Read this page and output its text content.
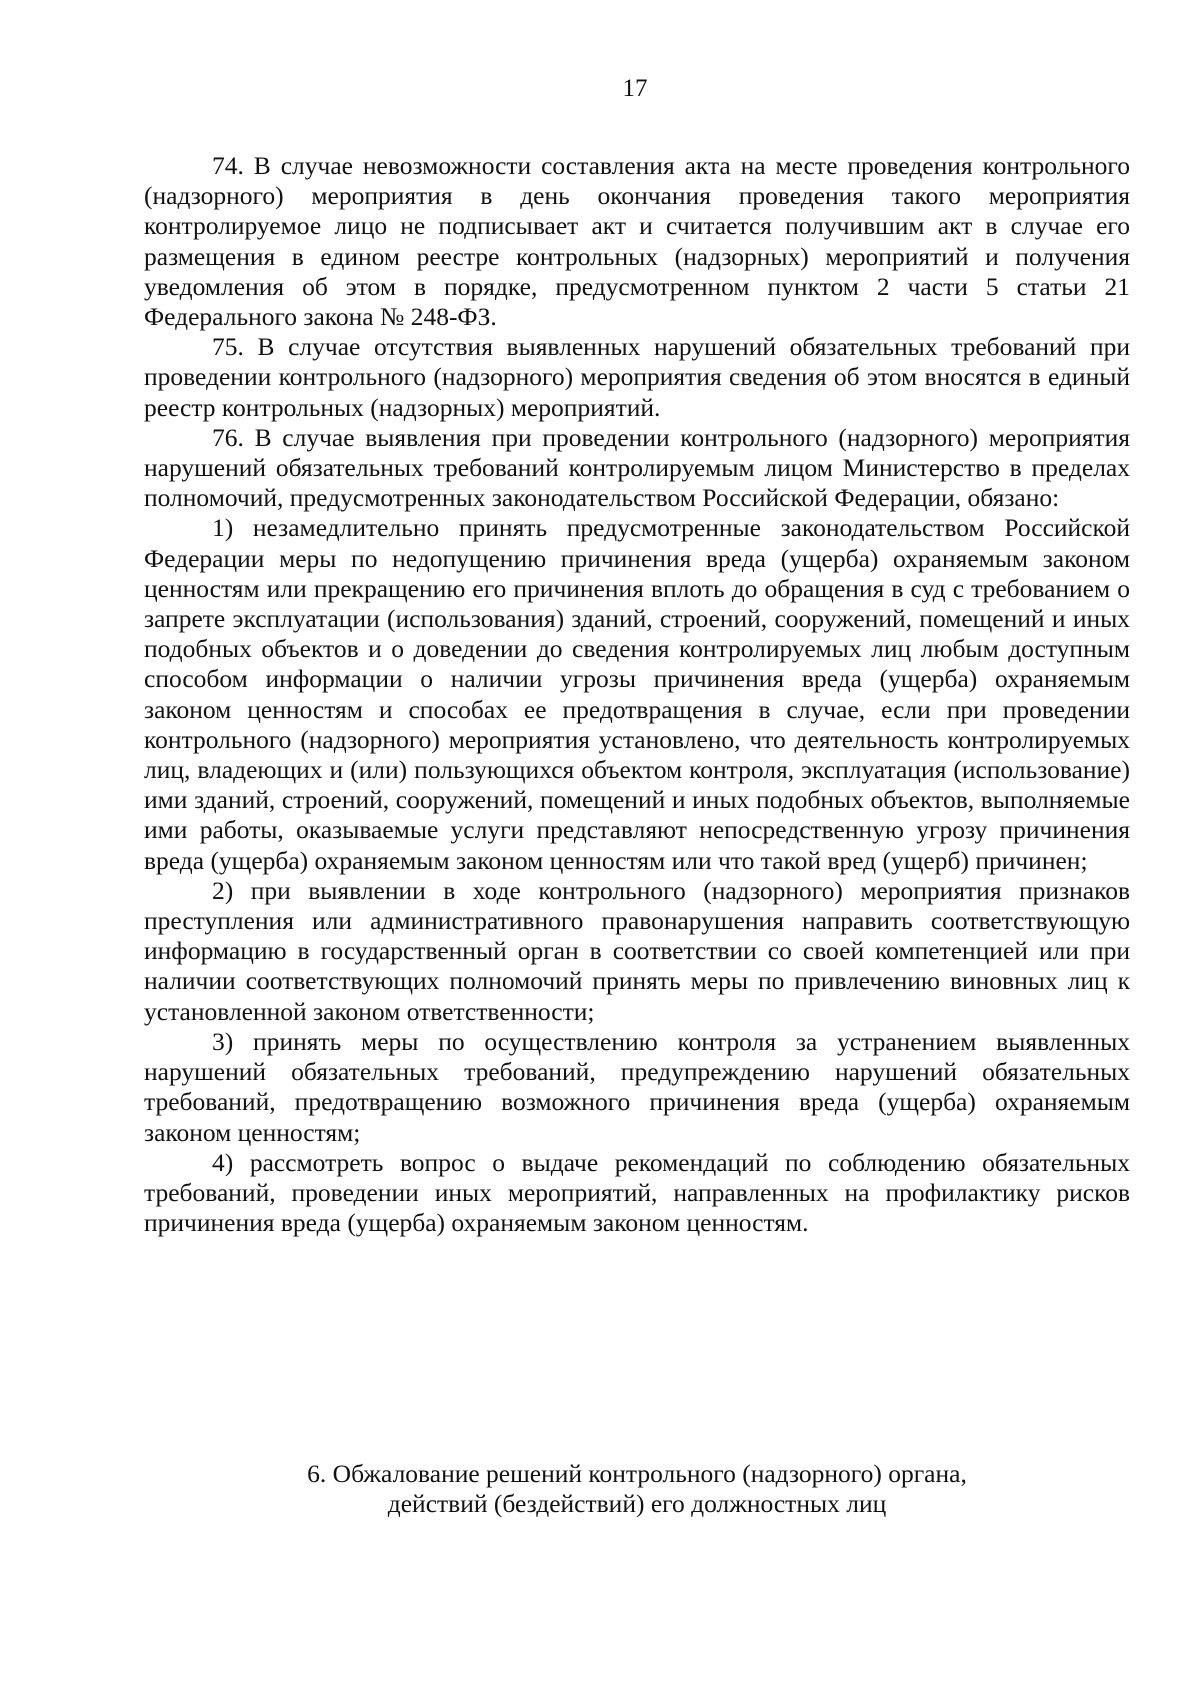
17

74. В случае невозможности составления акта на месте проведения контрольного (надзорного) мероприятия в день окончания проведения такого мероприятия контролируемое лицо не подписывает акт и считается получившим акт в случае его размещения в едином реестре контрольных (надзорных) мероприятий и получения уведомления об этом в порядке, предусмотренном пунктом 2 части 5 статьи 21 Федерального закона № 248-ФЗ.

75. В случае отсутствия выявленных нарушений обязательных требований при проведении контрольного (надзорного) мероприятия сведения об этом вносятся в единый реестр контрольных (надзорных) мероприятий.

76. В случае выявления при проведении контрольного (надзорного) мероприятия нарушений обязательных требований контролируемым лицом Министерство в пределах полномочий, предусмотренных законодательством Российской Федерации, обязано:

1) незамедлительно принять предусмотренные законодательством Российской Федерации меры по недопущению причинения вреда (ущерба) охраняемым законом ценностям или прекращению его причинения вплоть до обращения в суд с требованием о запрете эксплуатации (использования) зданий, строений, сооружений, помещений и иных подобных объектов и о доведении до сведения контролируемых лиц любым доступным способом информации о наличии угрозы причинения вреда (ущерба) охраняемым законом ценностям и способах ее предотвращения в случае, если при проведении контрольного (надзорного) мероприятия установлено, что деятельность контролируемых лиц, владеющих и (или) пользующихся объектом контроля, эксплуатация (использование) ими зданий, строений, сооружений, помещений и иных подобных объектов, выполняемые ими работы, оказываемые услуги представляют непосредственную угрозу причинения вреда (ущерба) охраняемым законом ценностям или что такой вред (ущерб) причинен;

2) при выявлении в ходе контрольного (надзорного) мероприятия признаков преступления или административного правонарушения направить соответствующую информацию в государственный орган в соответствии со своей компетенцией или при наличии соответствующих полномочий принять меры по привлечению виновных лиц к установленной законом ответственности;

3) принять меры по осуществлению контроля за устранением выявленных нарушений обязательных требований, предупреждению нарушений обязательных требований, предотвращению возможного причинения вреда (ущерба) охраняемым законом ценностям;

4) рассмотреть вопрос о выдаче рекомендаций по соблюдению обязательных требований, проведении иных мероприятий, направленных на профилактику рисков причинения вреда (ущерба) охраняемым законом ценностям.

6. Обжалование решений контрольного (надзорного) органа,
действий (бездействий) его должностных лиц
